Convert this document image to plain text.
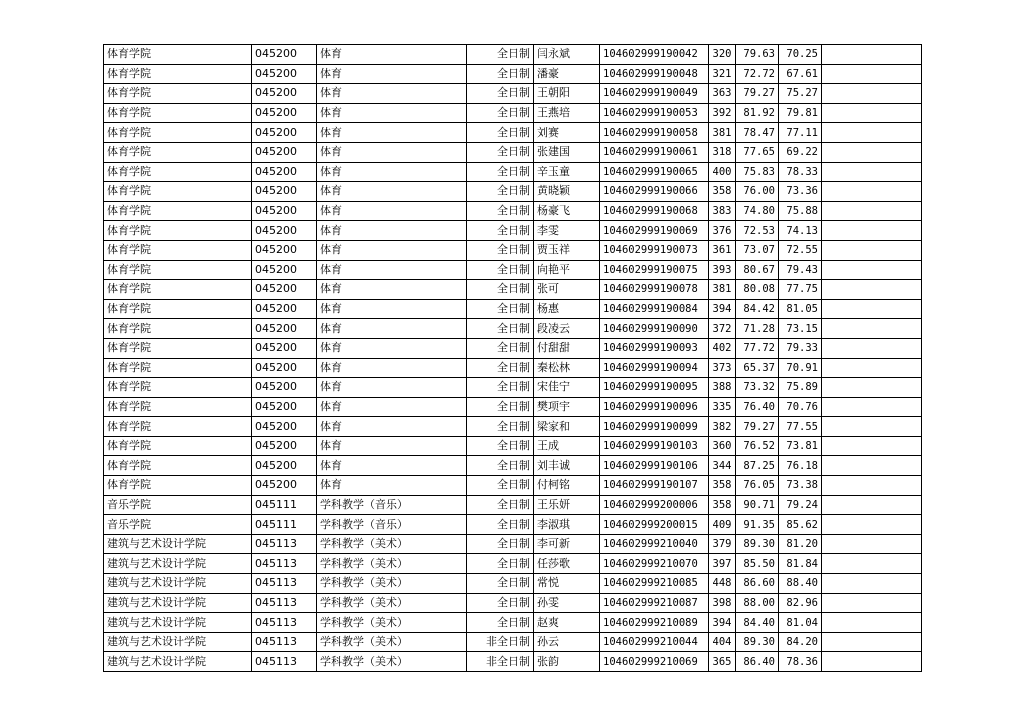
体育学院	045200	体育	全日制	闫永斌	104602999190042	320	79.63	70.25	
体育学院	045200	体育	全日制	潘豪	104602999190048	321	72.72	67.61	
体育学院	045200	体育	全日制	王朝阳	104602999190049	363	79.27	75.27	
体育学院	045200	体育	全日制	王燕培	104602999190053	392	81.92	79.81	
体育学院	045200	体育	全日制	刘赛	104602999190058	381	78.47	77.11	
体育学院	045200	体育	全日制	张建国	104602999190061	318	77.65	69.22	
体育学院	045200	体育	全日制	辛玉童	104602999190065	400	75.83	78.33	
体育学院	045200	体育	全日制	黄晓颖	104602999190066	358	76.00	73.36	
体育学院	045200	体育	全日制	杨豪飞	104602999190068	383	74.80	75.88	
体育学院	045200	体育	全日制	李雯	104602999190069	376	72.53	74.13	
体育学院	045200	体育	全日制	贾玉祥	104602999190073	361	73.07	72.55	
体育学院	045200	体育	全日制	向艳平	104602999190075	393	80.67	79.43	
体育学院	045200	体育	全日制	张可	104602999190078	381	80.08	77.75	
体育学院	045200	体育	全日制	杨惠	104602999190084	394	84.42	81.05	
体育学院	045200	体育	全日制	段凌云	104602999190090	372	71.28	73.15	
体育学院	045200	体育	全日制	付甜甜	104602999190093	402	77.72	79.33	
体育学院	045200	体育	全日制	秦松林	104602999190094	373	65.37	70.91	
体育学院	045200	体育	全日制	宋佳宁	104602999190095	388	73.32	75.89	
体育学院	045200	体育	全日制	樊项宇	104602999190096	335	76.40	70.76	
体育学院	045200	体育	全日制	梁家和	104602999190099	382	79.27	77.55	
体育学院	045200	体育	全日制	王成	104602999190103	360	76.52	73.81	
体育学院	045200	体育	全日制	刘丰诚	104602999190106	344	87.25	76.18	
体育学院	045200	体育	全日制	付柯铭	104602999190107	358	76.05	73.38	
音乐学院	045111	学科教学（音乐）	全日制	王乐妍	104602999200006	358	90.71	79.24	
音乐学院	045111	学科教学（音乐）	全日制	李淑琪	104602999200015	409	91.35	85.62	
建筑与艺术设计学院	045113	学科教学（美术）	全日制	李可新	104602999210040	379	89.30	81.20	
建筑与艺术设计学院	045113	学科教学（美术）	全日制	任莎歌	104602999210070	397	85.50	81.84	
建筑与艺术设计学院	045113	学科教学（美术）	全日制	常悦	104602999210085	448	86.60	88.40	
建筑与艺术设计学院	045113	学科教学（美术）	全日制	孙雯	104602999210087	398	88.00	82.96	
建筑与艺术设计学院	045113	学科教学（美术）	全日制	赵爽	104602999210089	394	84.40	81.04	
建筑与艺术设计学院	045113	学科教学（美术）	非全日制	孙云	104602999210044	404	89.30	84.20	
建筑与艺术设计学院	045113	学科教学（美术）	非全日制	张韵	104602999210069	365	86.40	78.36	
